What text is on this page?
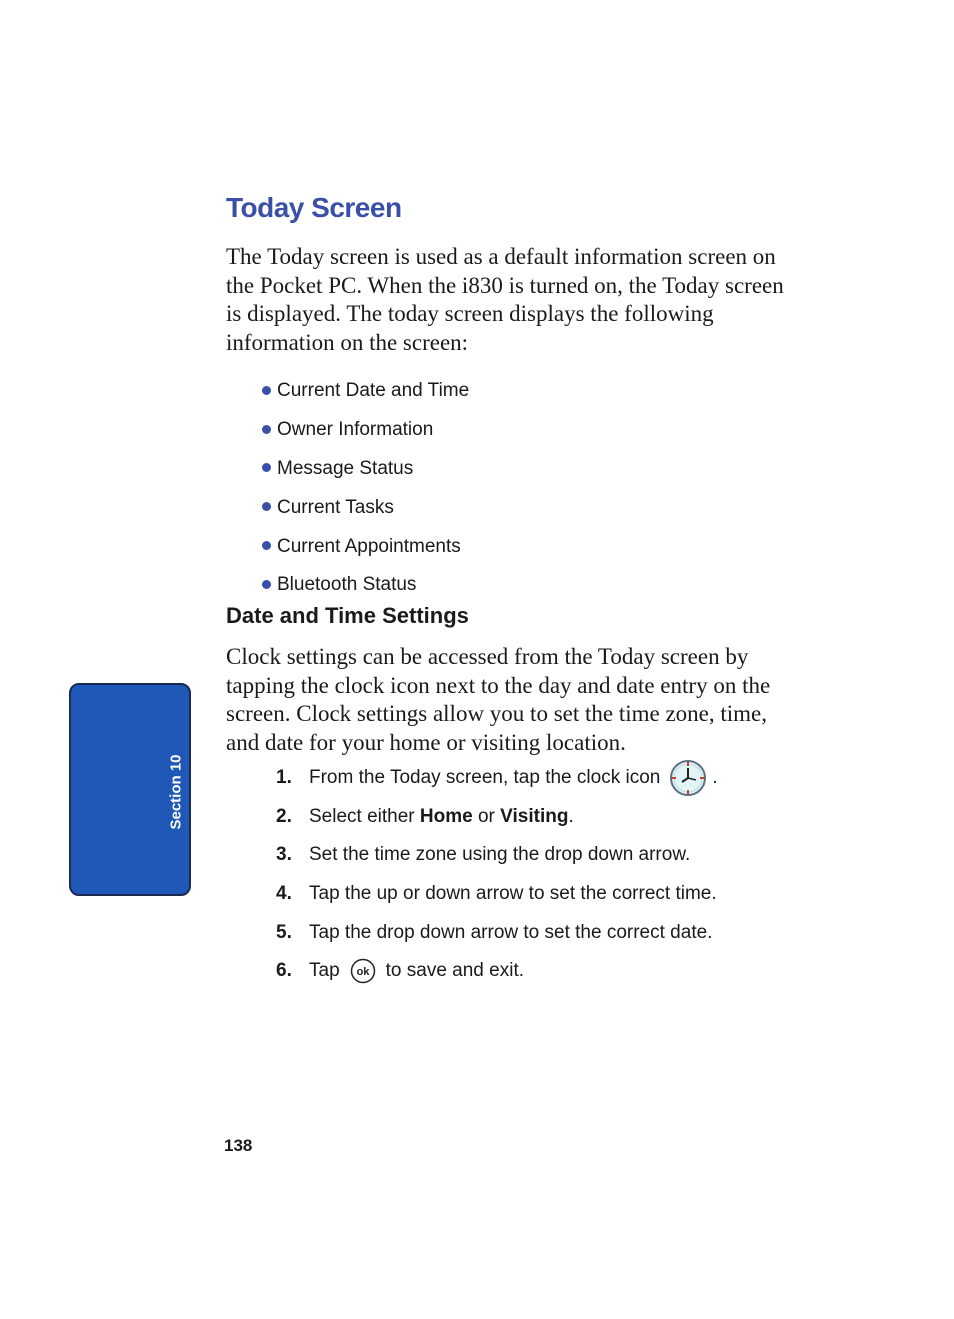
Today Screen

The Today screen is used as a default information screen on the Pocket PC. When the i830 is turned on, the Today screen is displayed. The today screen displays the following information on the screen:

Current Date and Time
Owner Information
Message Status
Current Tasks
Current Appointments
Bluetooth Status
Date and Time Settings

Clock settings can be accessed from the Today screen by tapping the clock icon next to the day and date entry on the screen. Clock settings allow you to set the time zone, time, and date for your home or visiting location.

1. From the Today screen, tap the clock icon	.
2. Select either Home or Visiting .
3. Set the time zone using the drop down arrow.
4. Tap the up or down arrow to set the correct time.
5. Tap the drop down arrow to set the correct date.
6. Tap ok to save and exit.
Section 10

138
